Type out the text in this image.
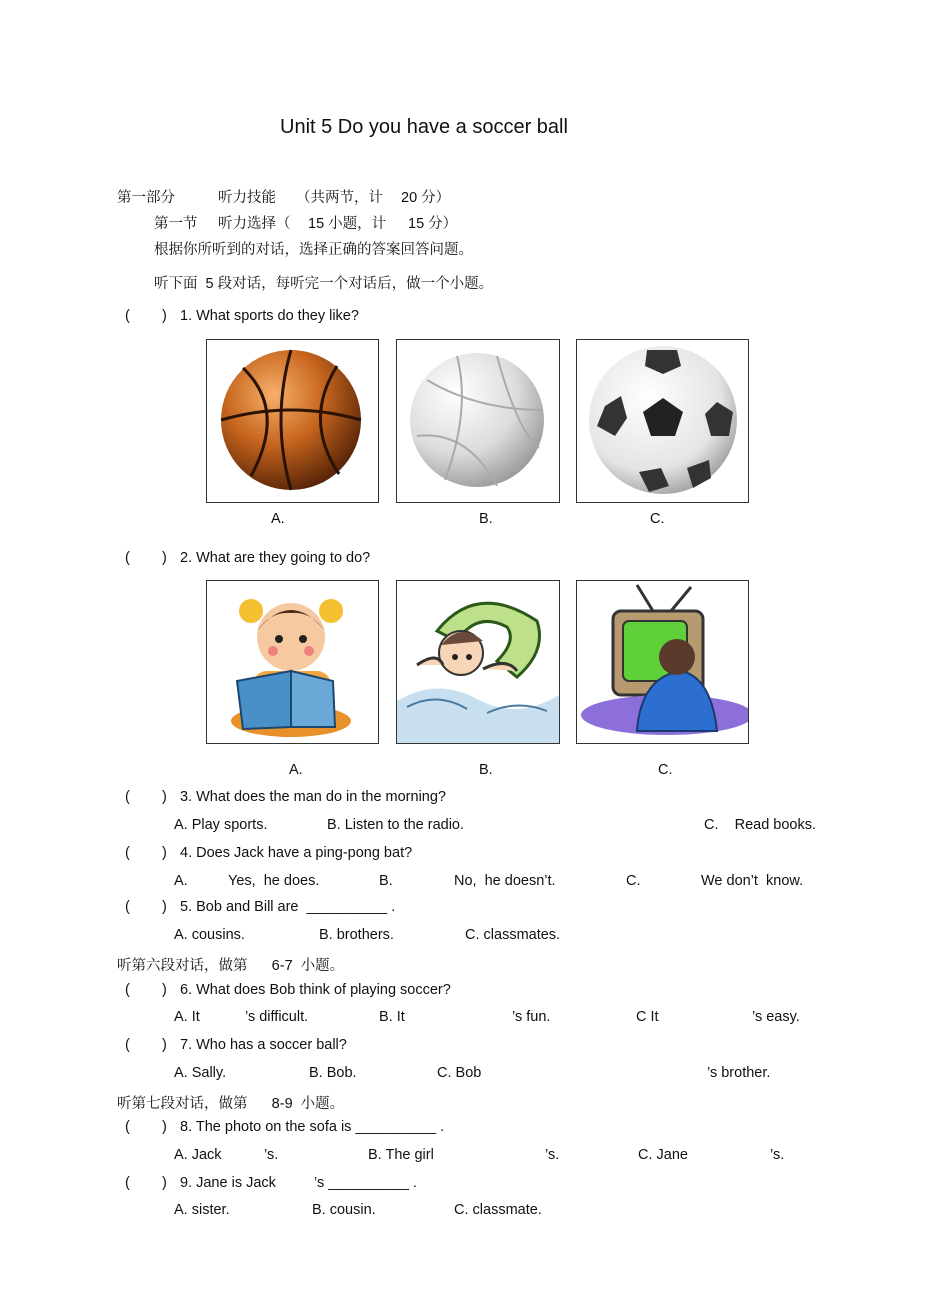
Unit 5 Do you have a soccer ball
第一部分	听力技能 （共两节，计 20 分）
第一节 听力选择（ 15 小题，计 15 分）
根据你所听到的对话，选择正确的答案回答问题。
听下面  5 段对话，每听完一个对话后，做一个小题。
(        ) 1. What sports do they like?
A.	B.	C.
(        ) 2. What are they going to do?
A.	B.	C.
(        ) 3. What does the man do in the morning?
A. Play sports.	B. Listen to the radio.	C.    Read books.
(        ) 4. Does Jack have a ping-pong bat?
A.	Yes,  he does.	B.	No,  he doesn’t.	C.	We don’t  know.
(        ) 5. Bob and Bill are  __________ .
A. cousins.	B. brothers.	C. classmates.
听第六段对话，做第      6-7  小题。
(        ) 6. What does Bob think of playing soccer?
A. It	’s difficult.	B. It	’s fun.	C It	’s easy.
(        ) 7. Who has a soccer ball?
A. Sally.	B. Bob.	C. Bob	’s brother.
听第七段对话，做第      8-9  小题。
(        ) 8. The photo on the sofa is __________ .
A. Jack	’s.	B. The girl	’s.	C. Jane	’s.
(        ) 9. Jane is Jack	’s __________ .
A. sister.	B. cousin.	C. classmate.
